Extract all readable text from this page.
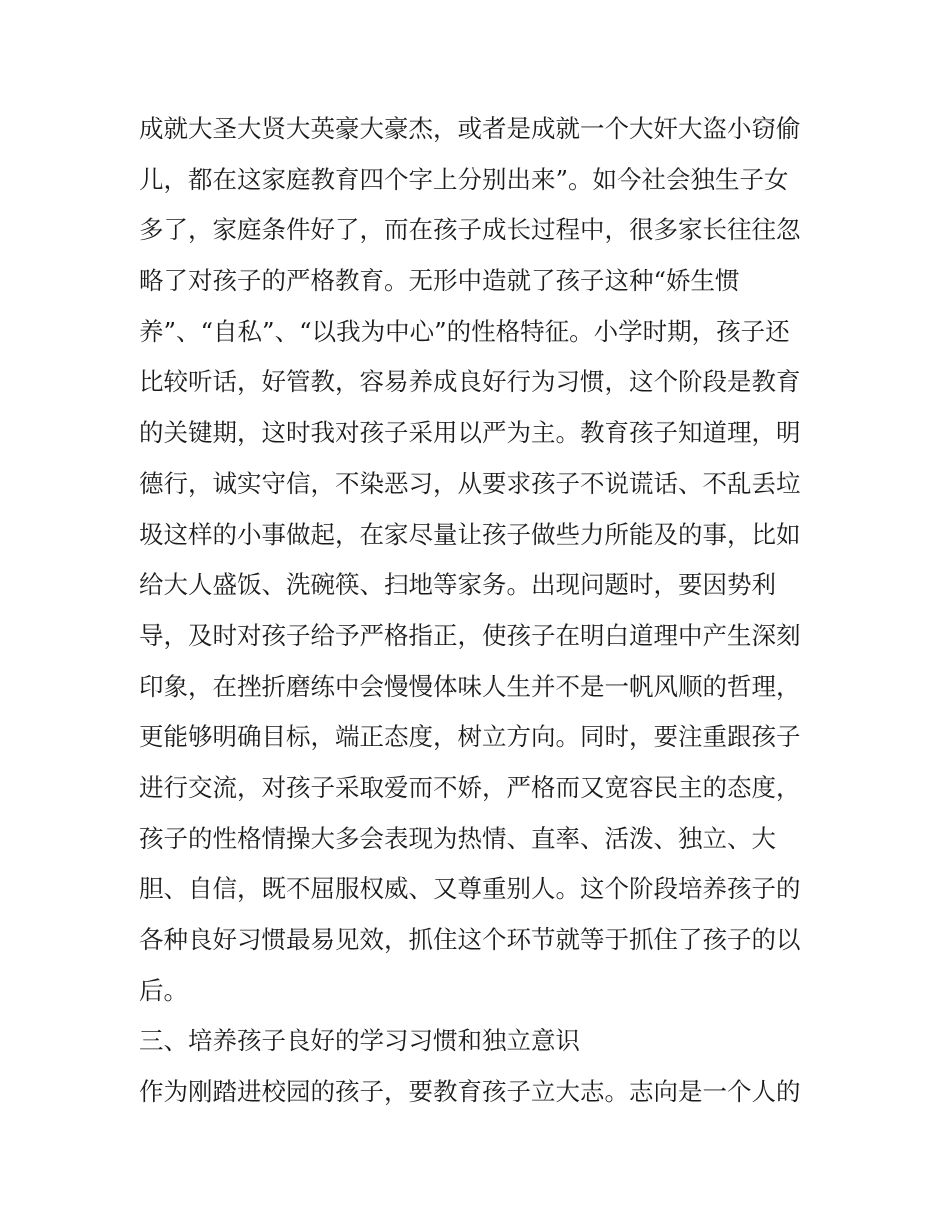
成就大圣大贤大英豪大豪杰，或者是成就一个大奸大盗小窃偷

儿，都在这家庭教育四个字上分别出来”。如今社会独生子女

多了，家庭条件好了，而在孩子成长过程中，很多家长往往忽

略了对孩子的严格教育。无形中造就了孩子这种“娇生惯

养”、“自私”、“以我为中心”的性格特征。小学时期，孩子还

比较听话，好管教，容易养成良好行为习惯，这个阶段是教育

的关键期，这时我对孩子采用以严为主。教育孩子知道理，明

德行，诚实守信，不染恶习，从要求孩子不说谎话、不乱丢垃

圾这样的小事做起，在家尽量让孩子做些力所能及的事，比如

给大人盛饭、洗碗筷、扫地等家务。出现问题时，要因势利

导，及时对孩子给予严格指正，使孩子在明白道理中产生深刻

印象，在挫折磨练中会慢慢体味人生并不是一帆风顺的哲理，

更能够明确目标，端正态度，树立方向。同时，要注重跟孩子

进行交流，对孩子采取爱而不娇，严格而又宽容民主的态度，

孩子的性格情操大多会表现为热情、直率、活泼、独立、大

胆、自信，既不屈服权威、又尊重别人。这个阶段培养孩子的

各种良好习惯最易见效，抓住这个环节就等于抓住了孩子的以

后。

三、培养孩子良好的学习习惯和独立意识

作为刚踏进校园的孩子，要教育孩子立大志。志向是一个人的
